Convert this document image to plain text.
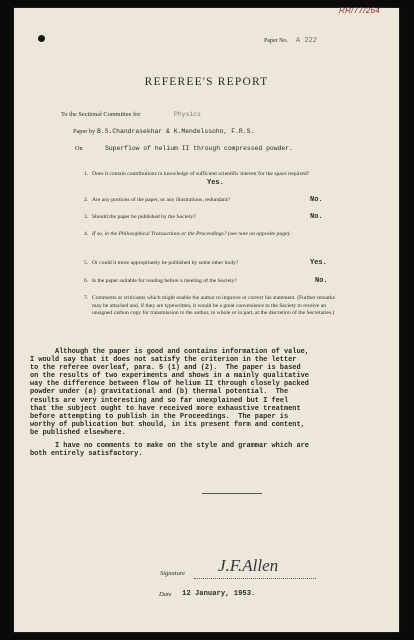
RR/77/264
Paper No. A 222
REFEREE'S REPORT
To the Sectional Committee for	Physics
Paper by B.S.Chandrasekhar & K.Mendelssohn, F.R.S.
On	Superflow of helium II through compressed powder.
1. Does it contain contributions to knowledge of sufficient scientific interest for the space required?
Yes.
2. Are any portions of the paper, or any illustrations, redundant?	No.
3. Should the paper be published by the Society?	No.
4. If so, in the Philosophical Transactions or the Proceedings? (see note on opposite page).
5. Or could it more appropriately be published by some other body?	Yes.
6. Is the paper suitable for reading before a meeting of the Society?	No.
7. Comments or criticisms which might enable the author to improve or correct his statement. (Further remarks may be attached and, if they are typewritten, it would be a great convenience to the Society to receive an unsigned carbon copy for transmission to the author, in whole or in part, at the discretion of the Secretaries.)
Although the paper is good and contains information of value,
I would say that it does not satisfy the criterion in the letter
to the referee overleaf, para. 5 (1) and (2).  The paper is based
on the results of two experiments and shows in a mainly qualitative
way the difference between flow of helium II through closely packed
powder under (a) gravitational and (b) thermal potential.  The
results are very interesting and so far unexplained but I feel
that the subject ought to have received more exhaustive treatment
before attempting to publish in the Proceedings.  The paper is
worthy of publication but should, in its present form and content,
be published elsewhere.
I have no comments to make on the style and grammar which are
both entirely satisfactory.
Signature J.F.Allen
Date 12 January, 1953.
